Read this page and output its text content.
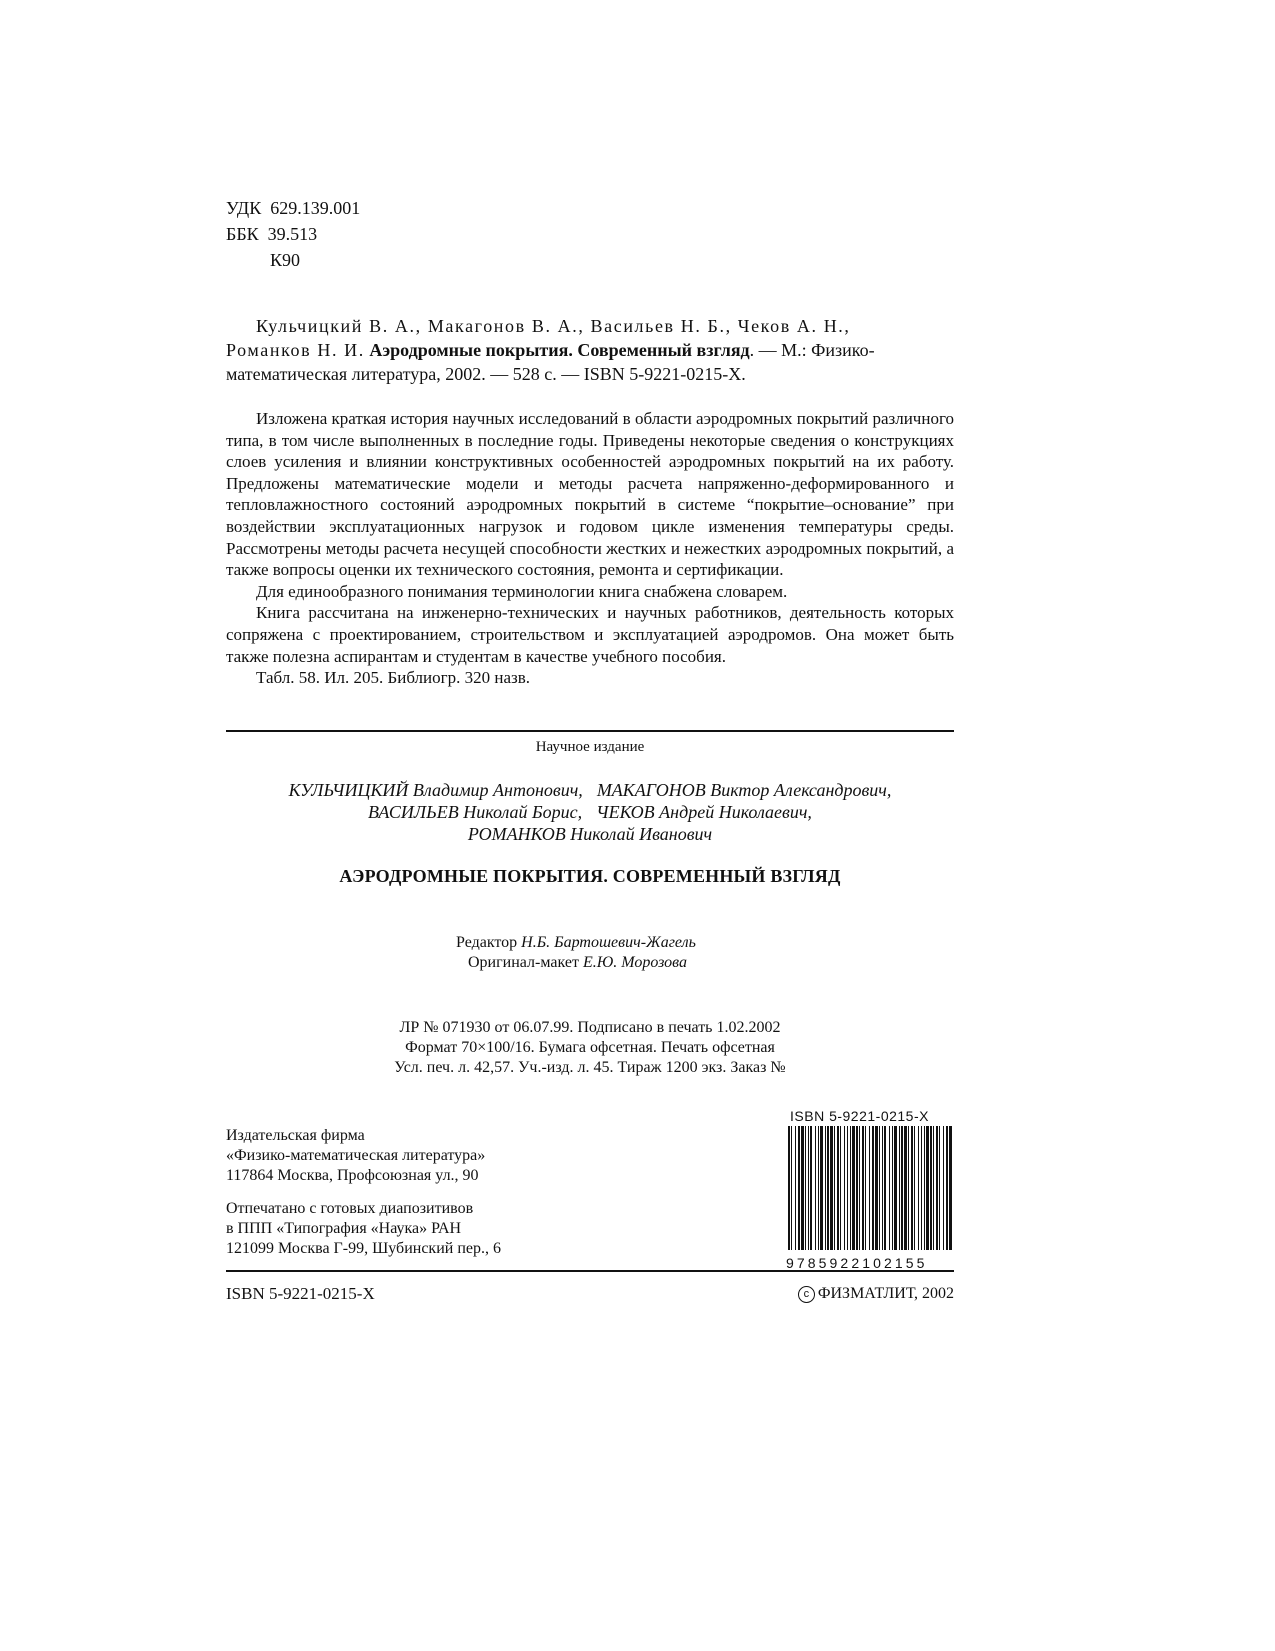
УДК  629.139.001
ББК  39.513
К90
Кульчицкий В. А., Макагонов В. А., Васильев Н. Б., Чеков А. Н.,
Романков Н. И. Аэродромные покрытия. Современный взгляд. — М.: Физико-
математическая литература, 2002. — 528 с. — ISBN 5-9221-0215-X.

Изложена краткая история научных исследований в области аэродромных покрытий различного типа, в том числе выполненных в последние годы. Приведены некоторые сведения о конструкциях слоев усиления и влиянии конструктивных особенностей аэродромных покрытий на их работу. Предложены математические модели и методы расчета напряженно-деформированного и тепловлажностного состояний аэродромных покрытий в системе “покрытие–основание” при воздействии эксплуатационных нагрузок и годовом цикле изменения температуры среды. Рассмотрены методы расчета несущей способности жестких и нежестких аэродромных покрытий, а также вопросы оценки их технического состояния, ремонта и сертификации.

Для единообразного понимания терминологии книга снабжена словарем.

Книга рассчитана на инженерно-технических и научных работников, деятельность которых сопряжена с проектированием, строительством и эксплуатацией аэродромов. Она может быть также полезна аспирантам и студентам в качестве учебного пособия.

Табл. 58. Ил. 205. Библиогр. 320 назв.

Научное издание
КУЛЬЧИЦКИЙ Владимир Антонович, МАКАГОНОВ Виктор Александрович,
ВАСИЛЬЕВ Николай Борис, ЧЕКОВ Андрей Николаевич,
РОМАНКОВ Николай Иванович
АЭРОДРОМНЫЕ ПОКРЫТИЯ. СОВРЕМЕННЫЙ ВЗГЛЯД
Редактор Н.Б. Бартошевич-Жагель
Оригинал-макет Е.Ю. Морозова
ЛР № 071930 от 06.07.99. Подписано в печать 1.02.2002
Формат 70×100/16. Бумага офсетная. Печать офсетная
Усл. печ. л. 42,57. Уч.-изд. л. 45. Тираж 1200 экз. Заказ №
Издательская фирма
«Физико-математическая литература»
117864 Москва, Профсоюзная ул., 90
Отпечатано с готовых диапозитивов
в ППП «Типография «Наука» РАН
121099 Москва Г-99, Шубинский пер., 6
ISBN 5-9221-0215-X
9785922102155
ISBN 5-9221-0215-X	c ФИЗМАТЛИТ, 2002
